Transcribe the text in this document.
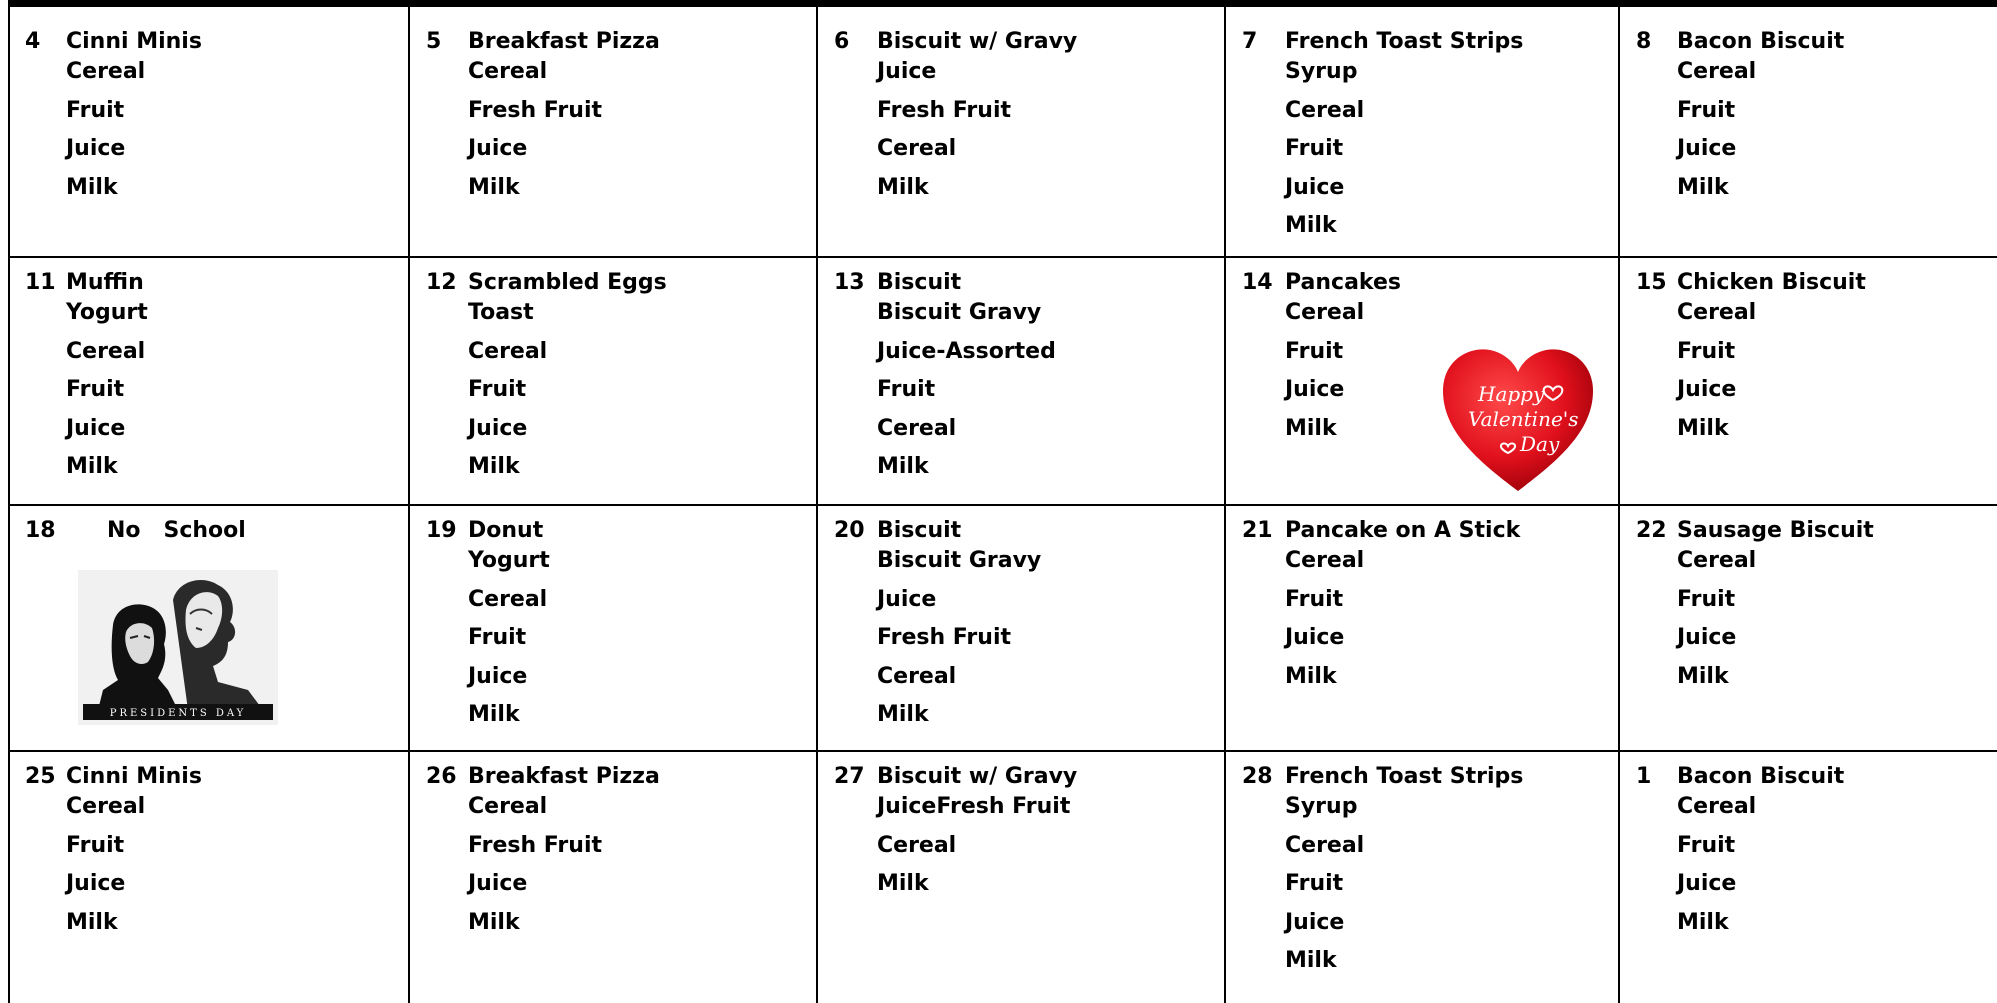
4 Cinni Minis
Cereal
Fruit
Juice
Milk
5 Breakfast Pizza
Cereal
Fresh Fruit
Juice
Milk
6 Biscuit w/ Gravy
Juice
Fresh Fruit
Cereal
Milk
7 French Toast Strips
Syrup
Cereal
Fruit
Juice
Milk
8 Bacon Biscuit
Cereal
Fruit
Juice
Milk
11 Muffin
Yogurt
Cereal
Fruit
Juice
Milk
12 Scrambled Eggs
Toast
Cereal
Fruit
Juice
Milk
13 Biscuit
Biscuit Gravy
Juice-Assorted
Fruit
Cereal
Milk
14 Pancakes
Cereal
Fruit
Juice
Milk
15 Chicken Biscuit
Cereal
Fruit
Juice
Milk
18 No   School	19 Donut
Yogurt
Cereal
Fruit
Juice
Milk
20 Biscuit
Biscuit Gravy
Juice
Fresh Fruit
Cereal
Milk
21 Pancake on A Stick
Cereal
Fruit
Juice
Milk
22 Sausage Biscuit
Cereal
Fruit
Juice
Milk
25 Cinni Minis
Cereal
Fruit
Juice
Milk
26 Breakfast Pizza
Cereal
Fresh Fruit
Juice
Milk
27 Biscuit w/ Gravy
JuiceFresh Fruit
Cereal
Milk
28 French Toast Strips
Syrup
Cereal
Fruit
Juice
Milk
1 Bacon Biscuit
Cereal
Fruit
Juice
Milk
PRESIDENTS DAY
Happy
Valentine's
Day
